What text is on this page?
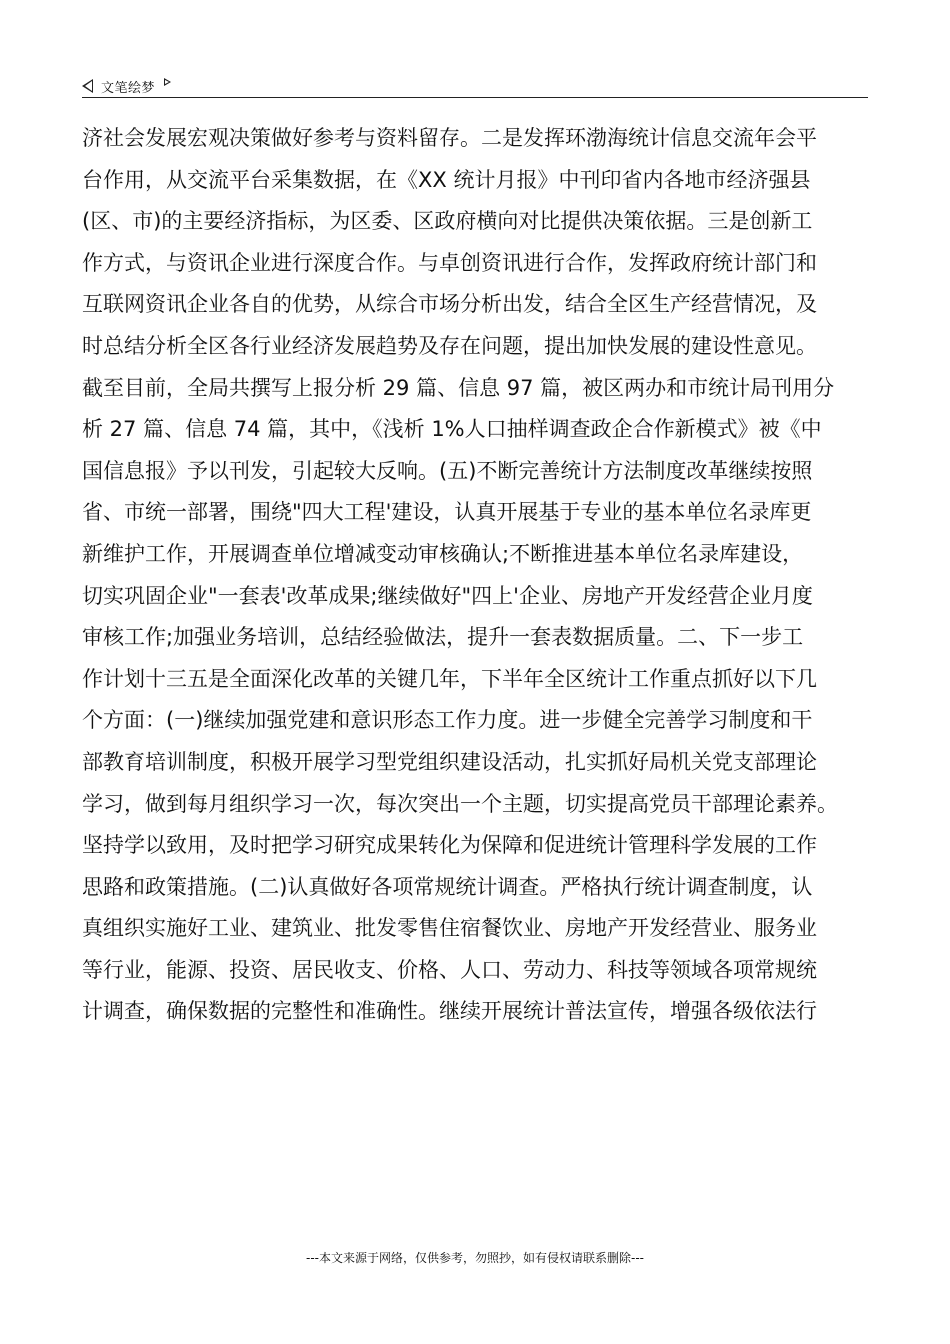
文笔绘梦
济社会发展宏观决策做好参考与资料留存。二是发挥环渤海统计信息交流年会平
台作用，从交流平台采集数据，在《XX 统计月报》中刊印省内各地市经济强县
(区、市)的主要经济指标，为区委、区政府横向对比提供决策依据。三是创新工
作方式，与资讯企业进行深度合作。与卓创资讯进行合作，发挥政府统计部门和
互联网资讯企业各自的优势，从综合市场分析出发，结合全区生产经营情况，及
时总结分析全区各行业经济发展趋势及存在问题，提出加快发展的建设性意见。
截至目前，全局共撰写上报分析 29 篇、信息 97 篇，被区两办和市统计局刊用分
析 27 篇、信息 74 篇，其中，《浅析 1%人口抽样调查政企合作新模式》被《中
国信息报》予以刊发，引起较大反响。(五)不断完善统计方法制度改革继续按照
省、市统一部署，围绕"四大工程'建设，认真开展基于专业的基本单位名录库更
新维护工作，开展调查单位增减变动审核确认;不断推进基本单位名录库建设，
切实巩固企业"一套表'改革成果;继续做好"四上'企业、房地产开发经营企业月度
审核工作;加强业务培训，总结经验做法，提升一套表数据质量。二、下一步工
作计划十三五是全面深化改革的关键几年，下半年全区统计工作重点抓好以下几
个方面：(一)继续加强党建和意识形态工作力度。进一步健全完善学习制度和干
部教育培训制度，积极开展学习型党组织建设活动，扎实抓好局机关党支部理论
学习，做到每月组织学习一次，每次突出一个主题，切实提高党员干部理论素养。
坚持学以致用，及时把学习研究成果转化为保障和促进统计管理科学发展的工作
思路和政策措施。(二)认真做好各项常规统计调查。严格执行统计调查制度，认
真组织实施好工业、建筑业、批发零售住宿餐饮业、房地产开发经营业、服务业
等行业，能源、投资、居民收支、价格、人口、劳动力、科技等领域各项常规统
计调查，确保数据的完整性和准确性。继续开展统计普法宣传，增强各级依法行
---本文来源于网络，仅供参考，勿照抄，如有侵权请联系删除---
